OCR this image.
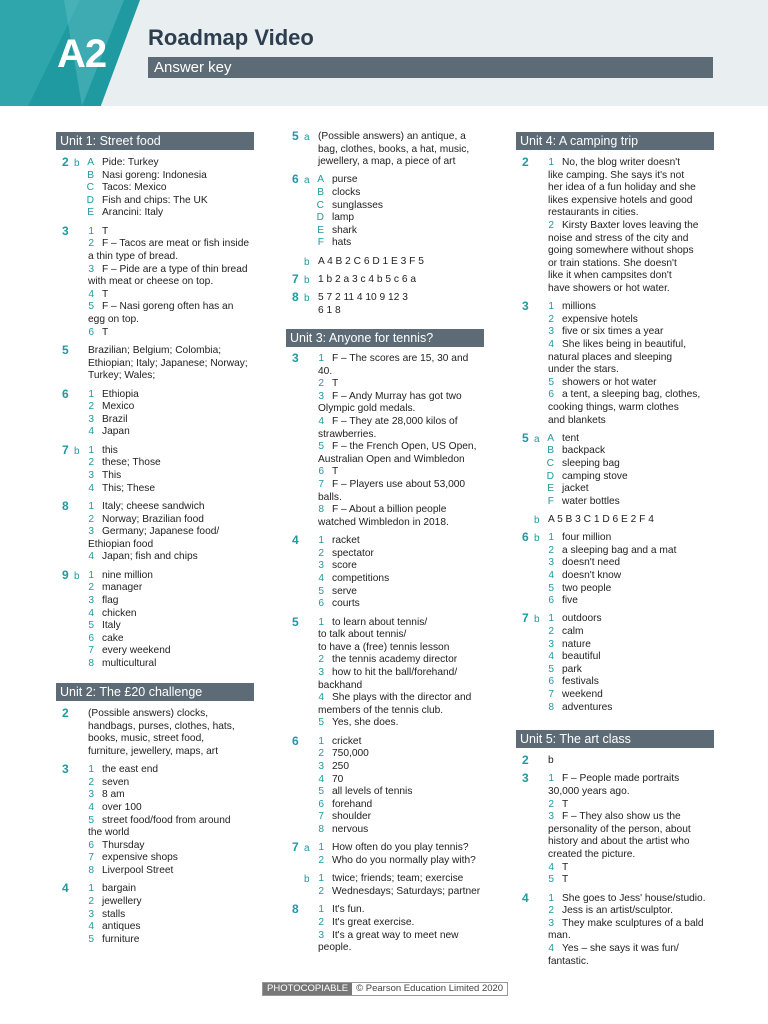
A2 Roadmap Video
Answer key
Unit 1: Street food
2 b A Pide: Turkey
B Nasi goreng: Indonesia
C Tacos: Mexico
D Fish and chips: The UK
E Arancini: Italy
3	1 T
2 F – Tacos are meat or fish inside
a thin type of bread.
3 F – Pide are a type of thin bread
with meat or cheese on top.
4 T
5 F – Nasi goreng often has an
egg on top.
6 T
5 Brazilian; Belgium; Colombia;
Ethiopian; Italy; Japanese; Norway;
Turkey; Wales;
6	1 Ethiopia
2 Mexico
3 Brazil
4 Japan
7 b 1 this
2 these; Those
3 This
4 This; These
8	1 Italy; cheese sandwich
2 Norway; Brazilian food
3 Germany; Japanese food/
Ethiopian food
4 Japan; fish and chips
9 b 1 nine million
2 manager
3 flag
4 chicken
5 Italy
6 cake
7 every weekend
8 multicultural
Unit 2: The £20 challenge
2 (Possible answers) clocks,
handbags, purses, clothes, hats,
books, music, street food,
furniture, jewellery, maps, art
3	1 the east end
2 seven
3 8 am
4 over 100
5 street food/food from around
the world
6 Thursday
7 expensive shops
8 Liverpool Street
4	1 bargain
2 jewellery
3 stalls
4 antiques
5 furniture
5 a (Possible answers) an antique, a
bag, clothes, books, a hat, music,
jewellery, a map, a piece of art
6 a A purse
B clocks
C sunglasses
D lamp
E shark
F hats
b A 4 B 2 C 6 D 1 E 3 F 5
7 b 1 b 2 a 3 c 4 b 5 c 6 a
8 b 5 7 2 11 4 10 9 12 3
6 1 8
Unit 3: Anyone for tennis?
3	1 F – The scores are 15, 30 and
40.
2 T
3 F – Andy Murray has got two
Olympic gold medals.
4 F – They ate 28,000 kilos of
strawberries.
5 F – the French Open, US Open,
Australian Open and Wimbledon
6 T
7 F – Players use about 53,000
balls.
8 F – About a billion people
watched Wimbledon in 2018.
4	1 racket
2 spectator
3 score
4 competitions
5 serve
6 courts
5	1 to learn about tennis/
to talk about tennis/
to have a (free) tennis lesson
2 the tennis academy director
3 how to hit the ball/forehand/
backhand
4 She plays with the director and
members of the tennis club.
5 Yes, she does.
6	1 cricket
2 750,000
3 250
4 70
5 all levels of tennis
6 forehand
7 shoulder
8 nervous
7 a 1 How often do you play tennis?
2 Who do you normally play with?
b 1 twice; friends; team; exercise
2 Wednesdays; Saturdays; partner
8	1 It's fun.
2 It's great exercise.
3 It's a great way to meet new
people.
Unit 4: A camping trip
2	1 No, the blog writer doesn't
like camping. She says it's not
her idea of a fun holiday and she
likes expensive hotels and good
restaurants in cities.
2 Kirsty Baxter loves leaving the
noise and stress of the city and
going somewhere without shops
or train stations. She doesn't
like it when campsites don't
have showers or hot water.
3	1 millions
2 expensive hotels
3 five or six times a year
4 She likes being in beautiful,
natural places and sleeping
under the stars.
5 showers or hot water
6 a tent, a sleeping bag, clothes,
cooking things, warm clothes
and blankets
5 a A tent
B backpack
C sleeping bag
D camping stove
E jacket
F water bottles
b A 5 B 3 C 1 D 6 E 2 F 4
6 b 1 four million
2 a sleeping bag and a mat
3 doesn't need
4 doesn't know
5 two people
6 five
7 b 1 outdoors
2 calm
3 nature
4 beautiful
5 park
6 festivals
7 weekend
8 adventures
Unit 5: The art class
2 b
3	1 F – People made portraits
30,000 years ago.
2 T
3 F – They also show us the
personality of the person, about
history and about the artist who
created the picture.
4 T
5 T
4	1 She goes to Jess' house/studio.
2 Jess is an artist/sculptor.
3 They make sculptures of a bald
man.
4 Yes – she says it was fun/
fantastic.
PHOTOCOPIABLE © Pearson Education Limited 2020
